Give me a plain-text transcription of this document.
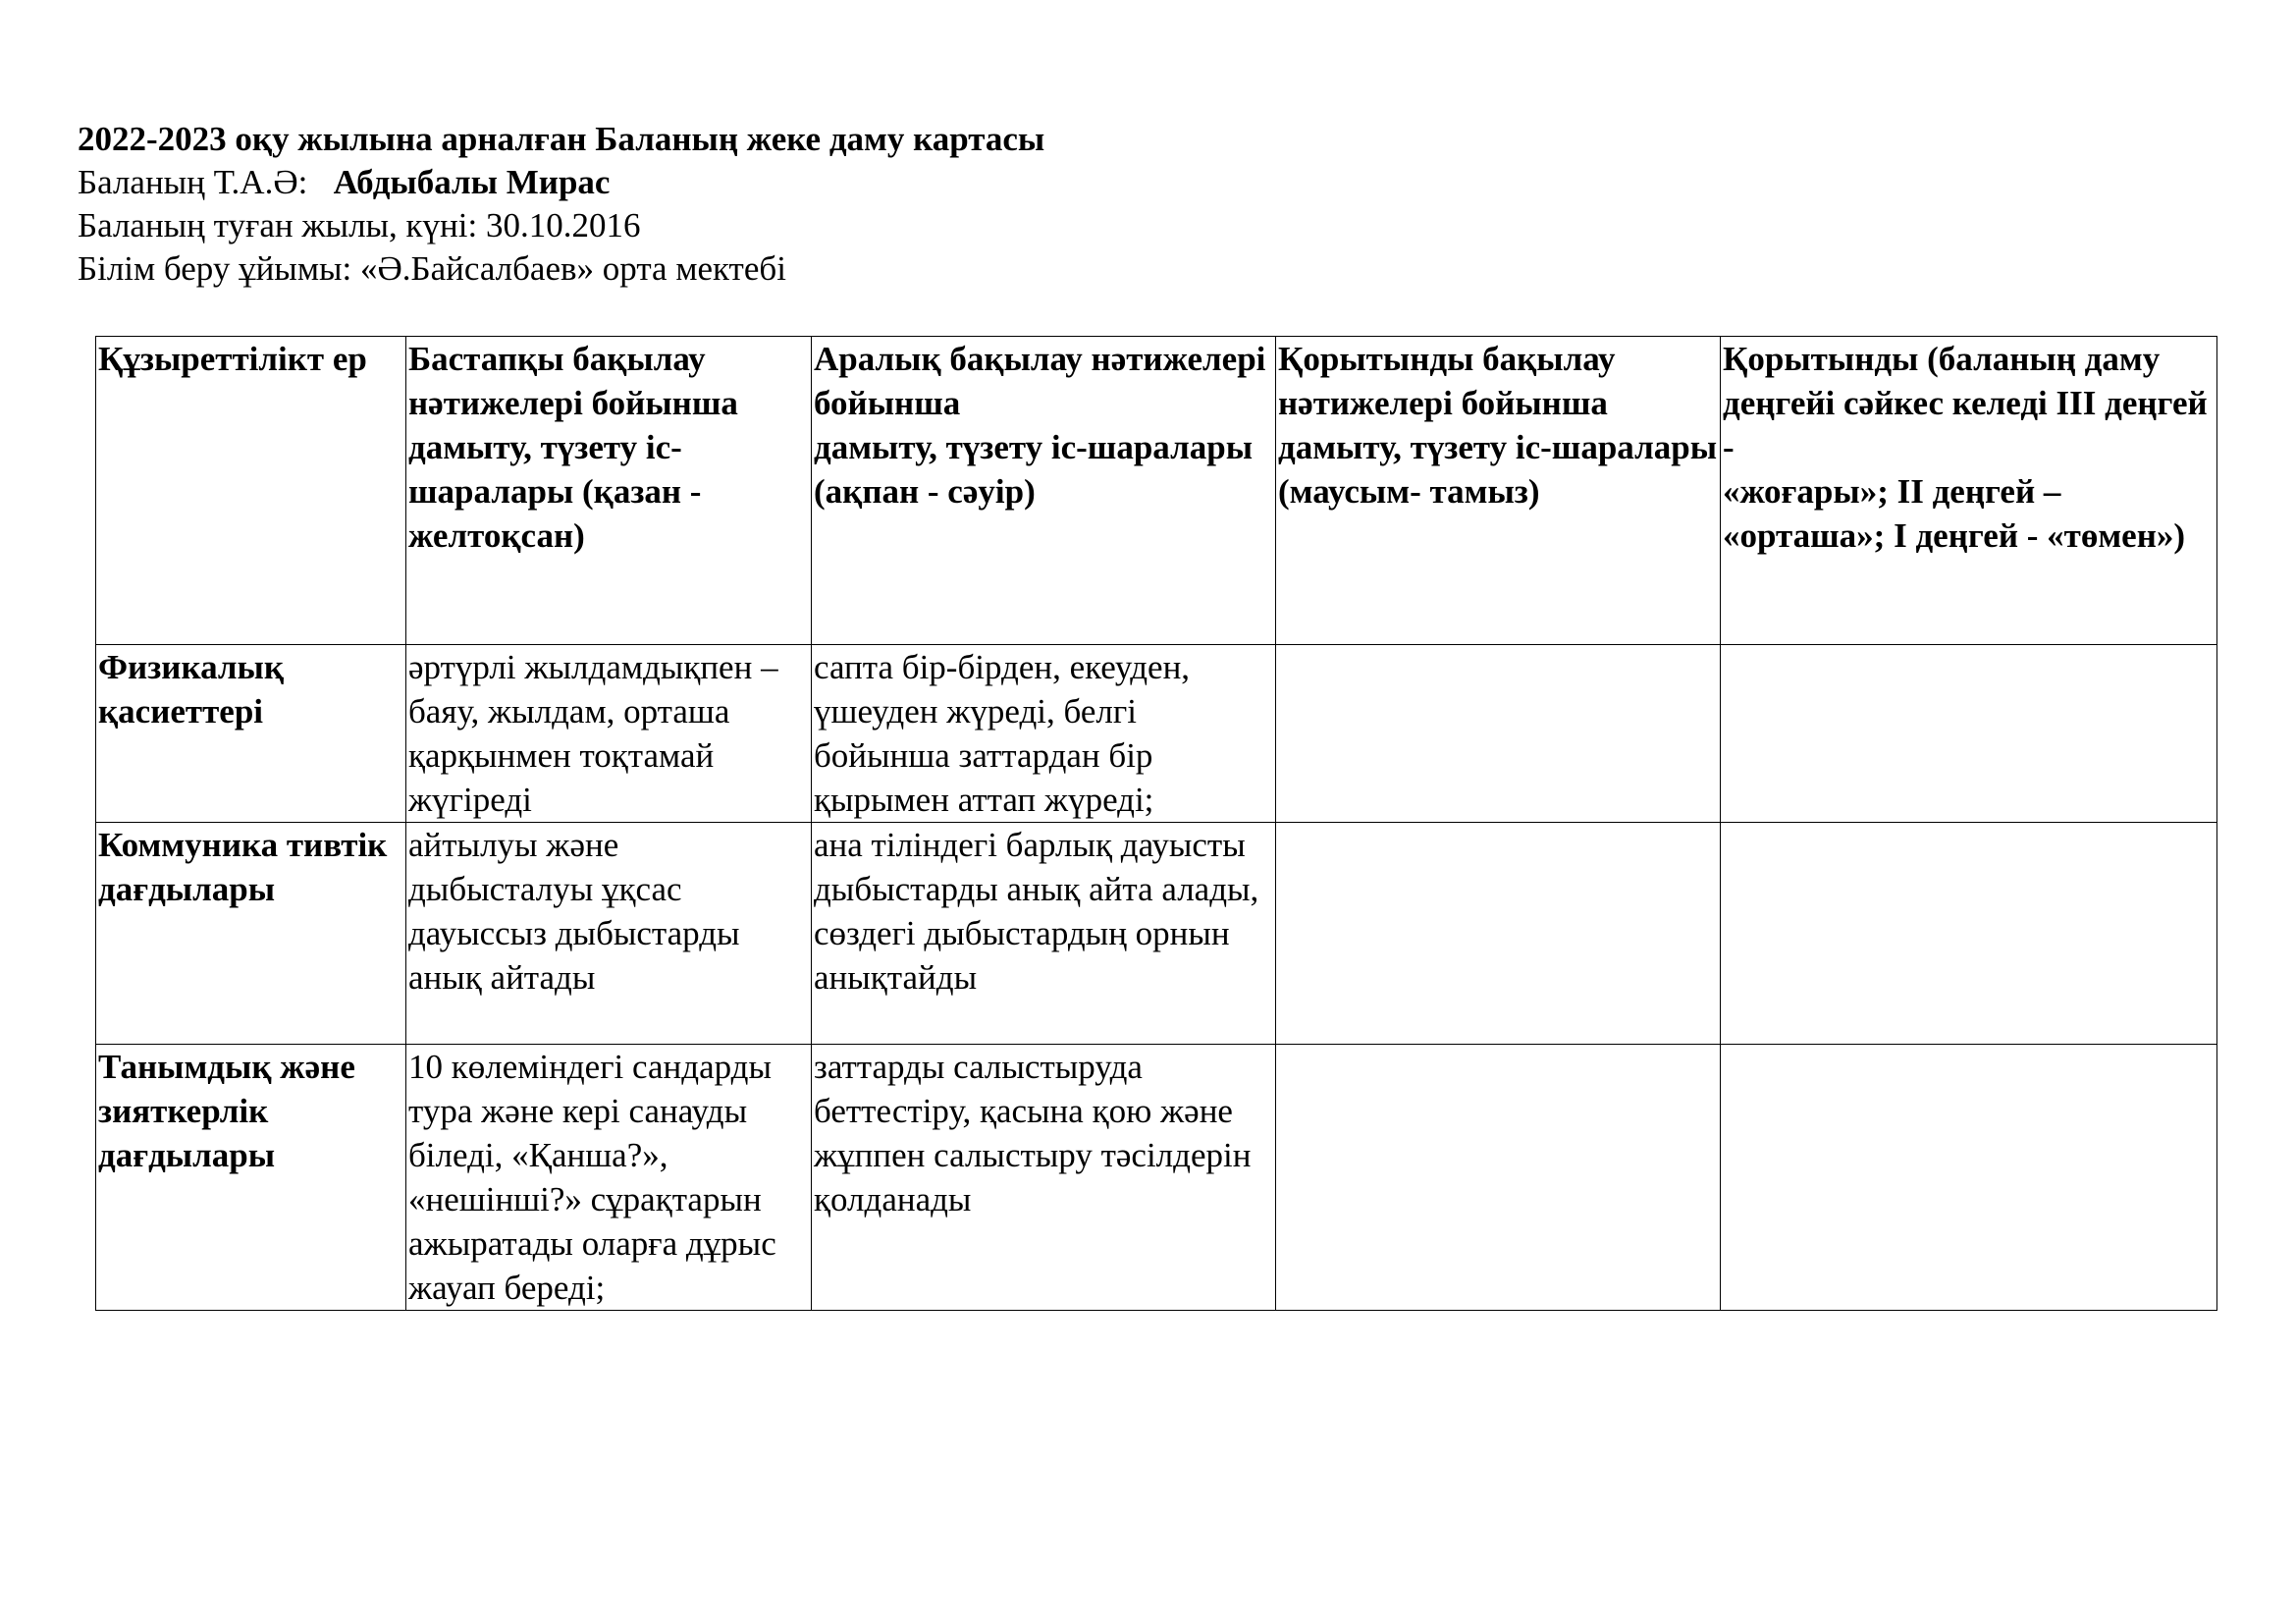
2022-2023 оқу жылына арналған Баланың жеке даму картасы
Баланың Т.А.Ә: Абдыбалы Мирас
Баланың туған жылы, күні: 30.10.2016
Білім беру ұйымы: «Ә.Байсалбаев» орта мектебі
Құзыреттілікт ер	Бастапқы бақылау нәтижелері бойынша дамыту, түзету іс-шаралары (қазан - желтоқсан)	Аралық бақылау нәтижелері
бойынша
дамыту, түзету іс-шаралары
(ақпан - сәуір)	Қорытынды бақылау нәтижелері бойынша дамыту, түзету іс-шаралары
(маусым- тамыз)	Қорытынды (баланың даму деңгейі сәйкес келеді ІІІ деңгей -
«жоғары»; ІІ деңгей – «орташа»; І деңгей - «төмен»)
Физикалық қасиеттері	әртүрлі жылдамдықпен – баяу, жылдам, орташа қарқынмен тоқтамай жүгіреді	сапта бір-бірден, екеуден, үшеуден жүреді, белгі бойынша заттардан бір қырымен аттап жүреді;		
Коммуника тивтік дағдылары	айтылуы және дыбысталуы ұқсас дауыссыз дыбыстарды анық айтады	ана тіліндегі барлық дауысты дыбыстарды анық айта алады, сөздегі дыбыстардың орнын анықтайды		
Танымдық және зияткерлік дағдылары	10 көлеміндегі сандарды тура және кері санауды біледі, «Қанша?», «нешінші?» сұрақтарын ажыратады оларға дұрыс жауап береді;	заттарды салыстыруда беттестіру, қасына қою және жұппен салыстыру тәсілдерін қолданады		
